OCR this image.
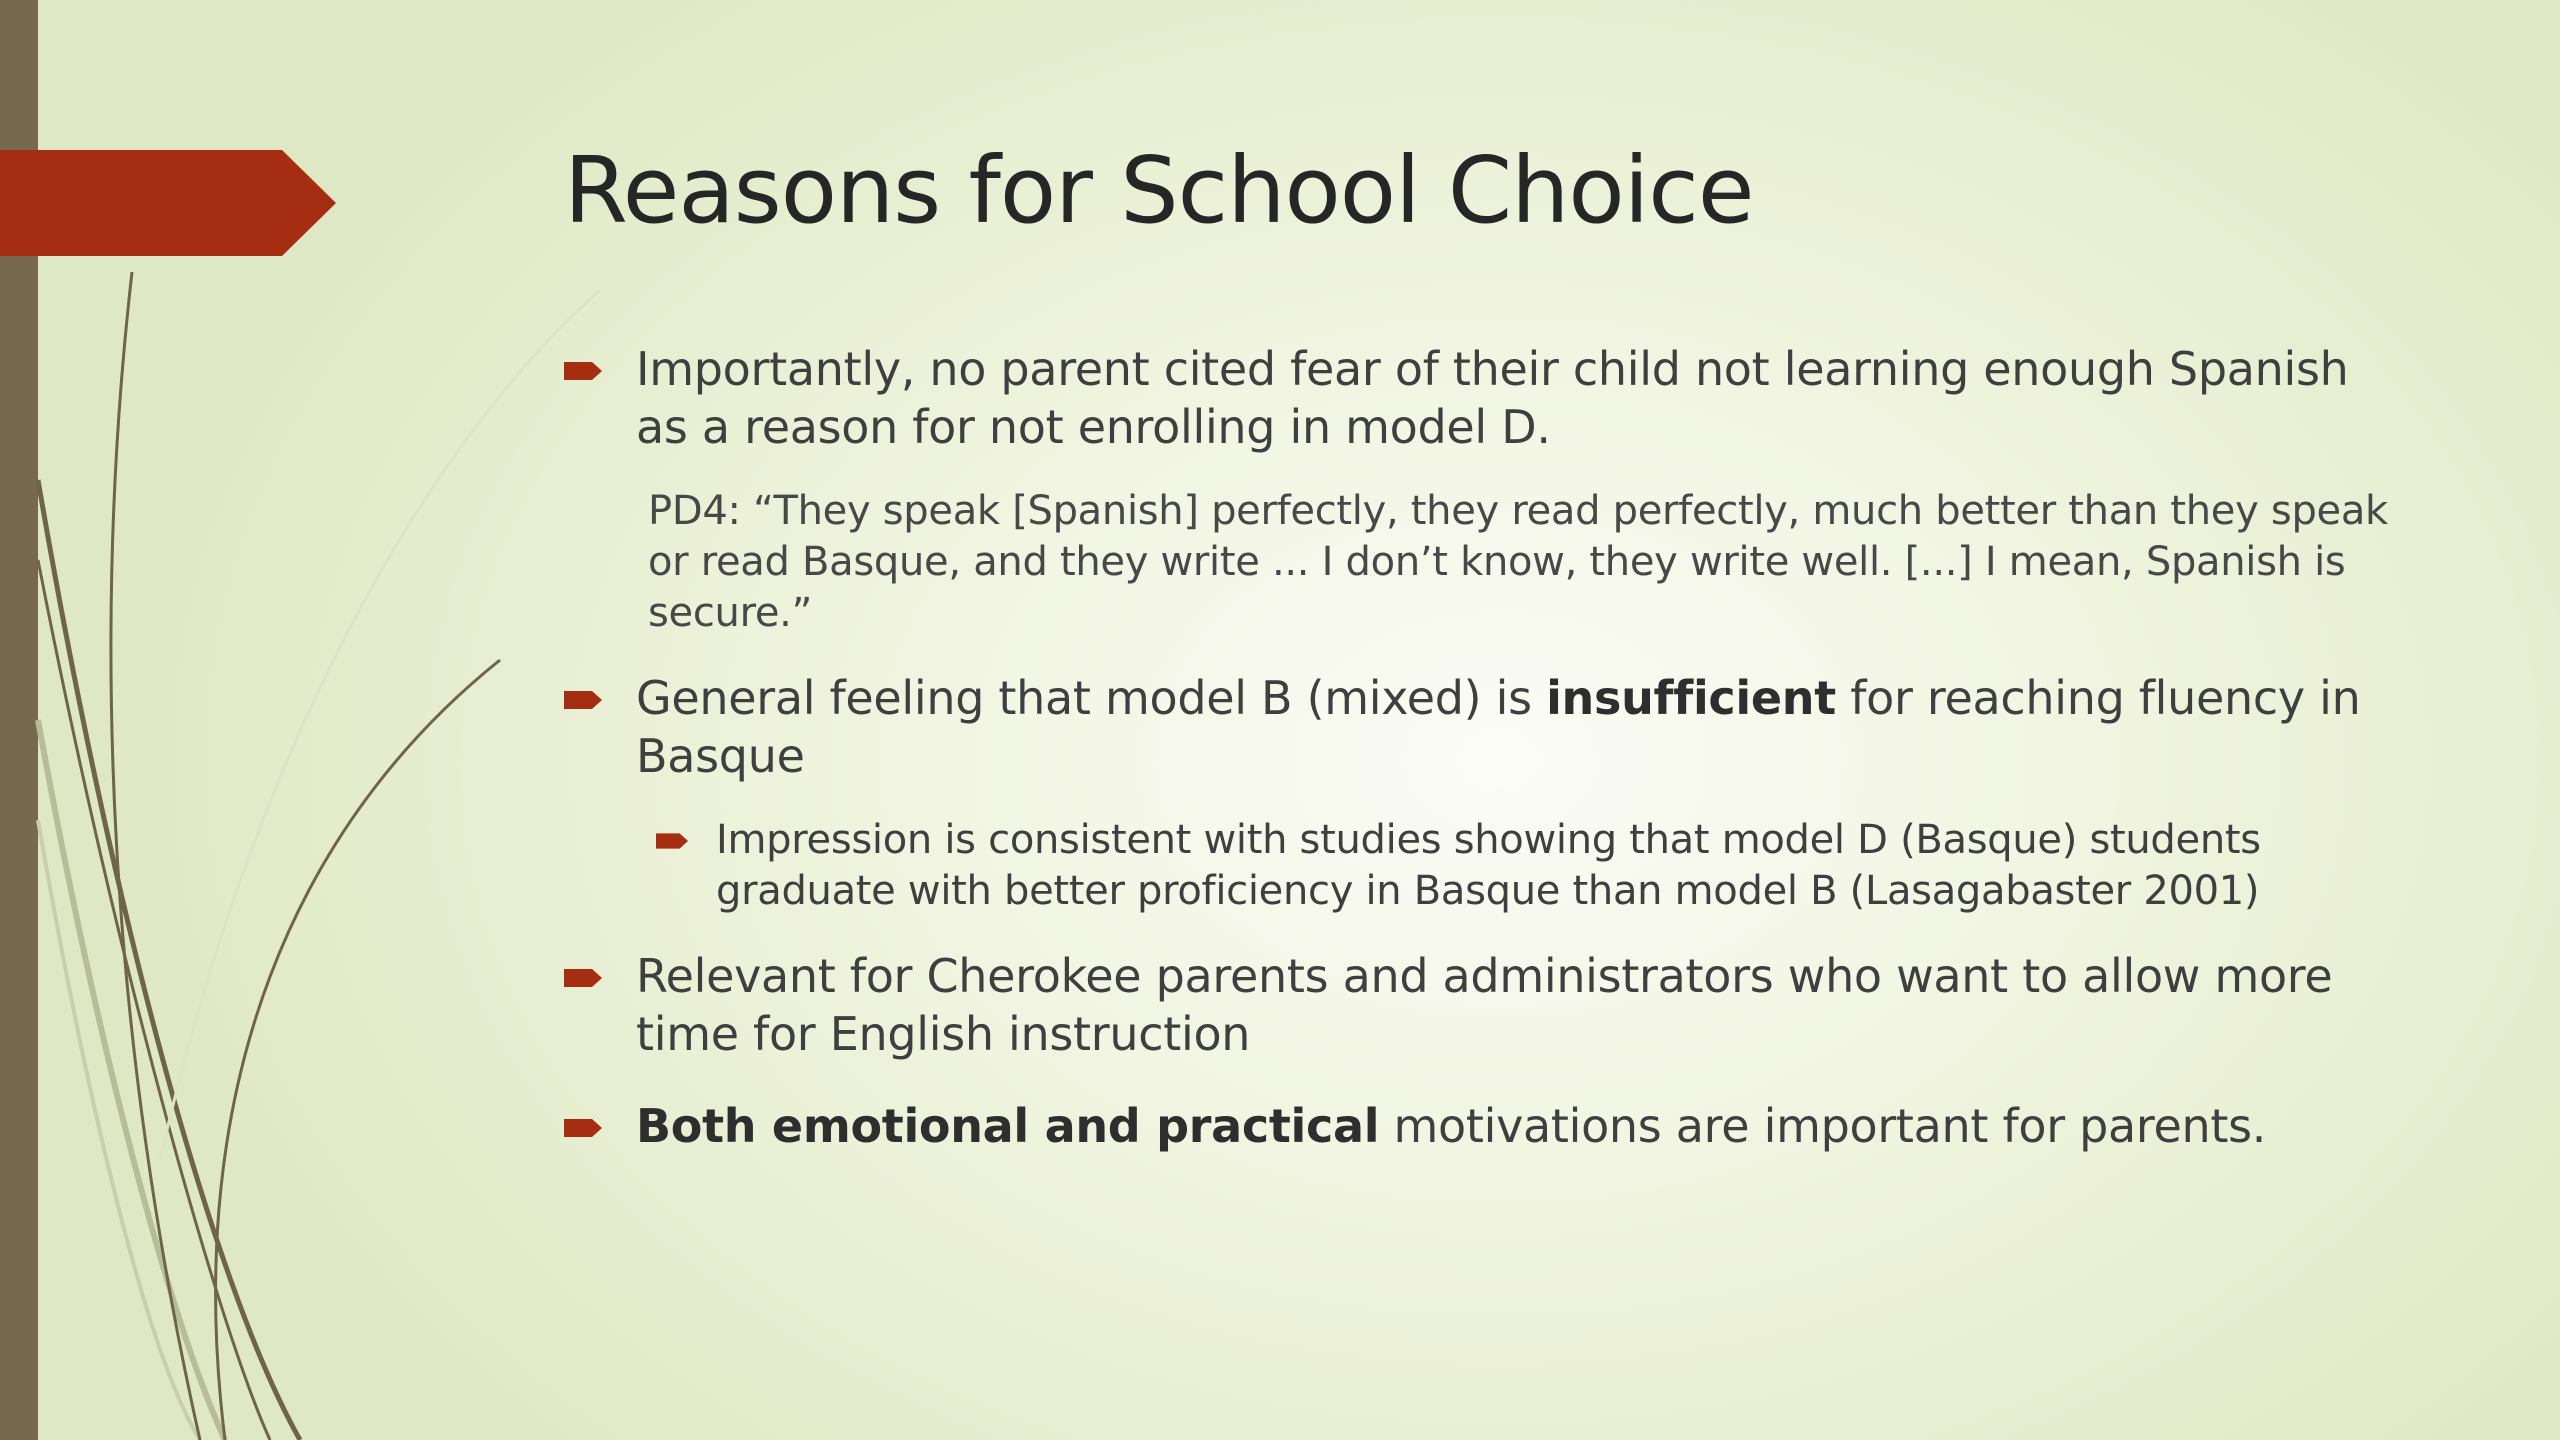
Reasons for School Choice
Importantly, no parent cited fear of their child not learning enough Spanish as a reason for not enrolling in model D.
PD4: “They speak [Spanish] perfectly, they read perfectly, much better than they speak or read Basque, and they write ... I don’t know, they write well. [...] I mean, Spanish is secure.”
General feeling that model B (mixed) is insufficient for reaching fluency in Basque
Impression is consistent with studies showing that model D (Basque) students graduate with better proficiency in Basque than model B (Lasagabaster 2001)
Relevant for Cherokee parents and administrators who want to allow more time for English instruction
Both emotional and practical motivations are important for parents.
